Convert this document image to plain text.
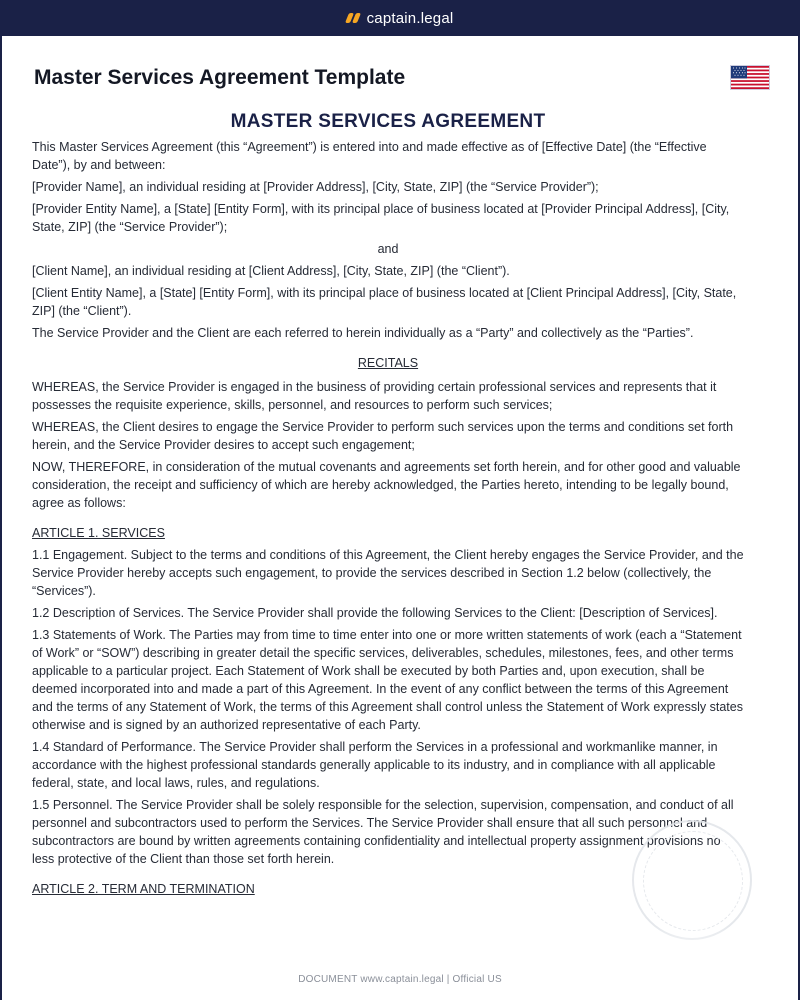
captain.legal
Master Services Agreement Template
MASTER SERVICES AGREEMENT

This Master Services Agreement (this “Agreement”) is entered into and made effective as of [Effective Date] (the “Effective Date”), by and between:

[Provider Name], an individual residing at [Provider Address], [City, State, ZIP] (the “Service Provider”);

[Provider Entity Name], a [State] [Entity Form], with its principal place of business located at [Provider Principal Address], [City, State, ZIP] (the “Service Provider”);

and

[Client Name], an individual residing at [Client Address], [City, State, ZIP] (the “Client”).

[Client Entity Name], a [State] [Entity Form], with its principal place of business located at [Client Principal Address], [City, State, ZIP] (the “Client”).

The Service Provider and the Client are each referred to herein individually as a “Party” and collectively as the “Parties”.

RECITALS

WHEREAS, the Service Provider is engaged in the business of providing certain professional services and represents that it possesses the requisite experience, skills, personnel, and resources to perform such services;

WHEREAS, the Client desires to engage the Service Provider to perform such services upon the terms and conditions set forth herein, and the Service Provider desires to accept such engagement;

NOW, THEREFORE, in consideration of the mutual covenants and agreements set forth herein, and for other good and valuable consideration, the receipt and sufficiency of which are hereby acknowledged, the Parties hereto, intending to be legally bound, agree as follows:

ARTICLE 1. SERVICES

1.1 Engagement. Subject to the terms and conditions of this Agreement, the Client hereby engages the Service Provider, and the Service Provider hereby accepts such engagement, to provide the services described in Section 1.2 below (collectively, the “Services”).

1.2 Description of Services. The Service Provider shall provide the following Services to the Client: [Description of Services].

1.3 Statements of Work. The Parties may from time to time enter into one or more written statements of work (each a “Statement of Work” or “SOW”) describing in greater detail the specific services, deliverables, schedules, milestones, fees, and other terms applicable to a particular project. Each Statement of Work shall be executed by both Parties and, upon execution, shall be deemed incorporated into and made a part of this Agreement. In the event of any conflict between the terms of this Agreement and the terms of any Statement of Work, the terms of this Agreement shall control unless the Statement of Work expressly states otherwise and is signed by an authorized representative of each Party.

1.4 Standard of Performance. The Service Provider shall perform the Services in a professional and workmanlike manner, in accordance with the highest professional standards generally applicable to its industry, and in compliance with all applicable federal, state, and local laws, rules, and regulations.

1.5 Personnel. The Service Provider shall be solely responsible for the selection, supervision, compensation, and conduct of all personnel and subcontractors used to perform the Services. The Service Provider shall ensure that all such personnel and subcontractors are bound by written agreements containing confidentiality and intellectual property assignment provisions no less protective of the Client than those set forth herein.

ARTICLE 2. TERM AND TERMINATION
DOCUMENT www.captain.legal | Official US
